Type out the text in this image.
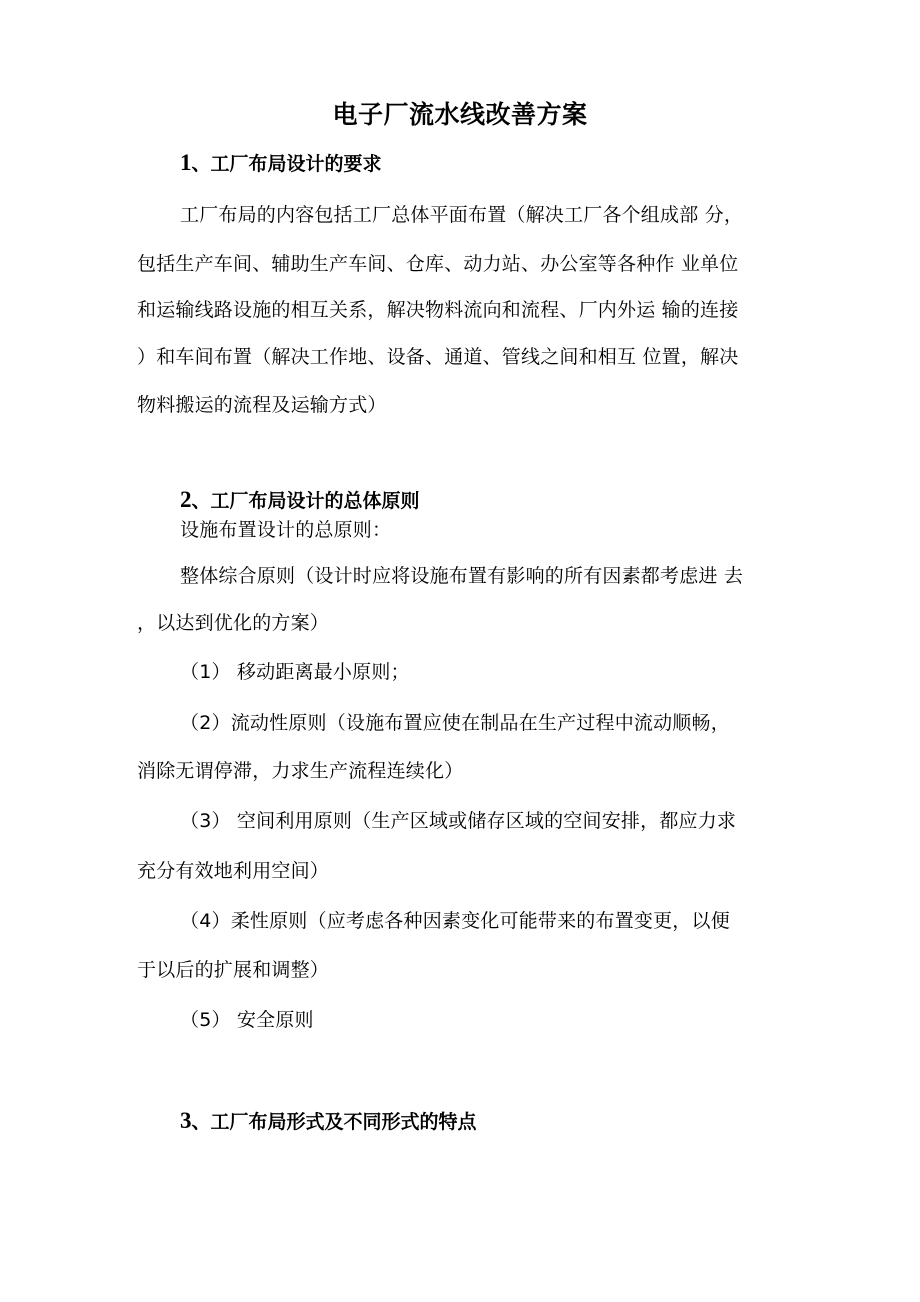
电子厂流水线改善方案
1、工厂布局设计的要求
工厂布局的内容包括工厂总体平面布置（解决工厂各个组成部 分，
包括生产车间、辅助生产车间、仓库、动力站、办公室等各种作 业单位
和运输线路设施的相互关系，解决物料流向和流程、厂内外运 输的连接
）和车间布置（解决工作地、设备、通道、管线之间和相互 位置，解决
物料搬运的流程及运输方式）
2、工厂布局设计的总体原则
设施布置设计的总原则：
整体综合原则（设计时应将设施布置有影响的所有因素都考虑进 去
，以达到优化的方案）
（1） 移动距离最小原则；
（2）流动性原则（设施布置应使在制品在生产过程中流动顺畅，
消除无谓停滞，力求生产流程连续化）
（3） 空间利用原则（生产区域或储存区域的空间安排，都应力求
充分有效地利用空间）
（4）柔性原则（应考虑各种因素变化可能带来的布置变更，以便
于以后的扩展和调整）
（5） 安全原则
3、工厂布局形式及不同形式的特点
